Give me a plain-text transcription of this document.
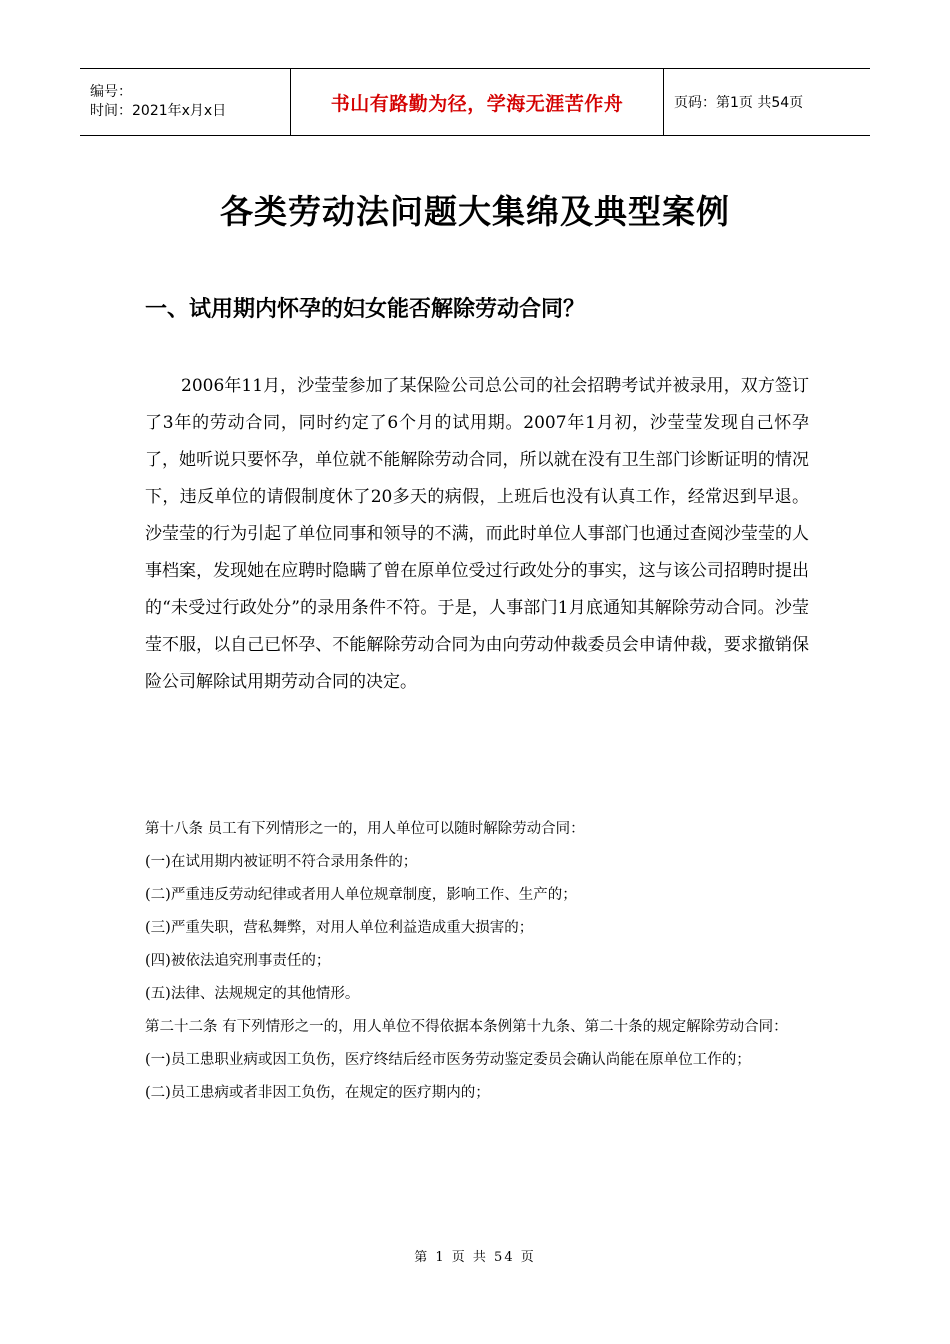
编号：
时间：2021年x月x日	书山有路勤为径，学海无涯苦作舟	页码：第1页 共54页
各类劳动法问题大集绵及典型案例
一、试用期内怀孕的妇女能否解除劳动合同？

2006年11月，沙莹莹参加了某保险公司总公司的社会招聘考试并被录用，双方签订了3年的劳动合同，同时约定了6个月的试用期。2007年1月初，沙莹莹发现自己怀孕了，她听说只要怀孕，单位就不能解除劳动合同，所以就在没有卫生部门诊断证明的情况下，违反单位的请假制度休了20多天的病假，上班后也没有认真工作，经常迟到早退。沙莹莹的行为引起了单位同事和领导的不满，而此时单位人事部门也通过查阅沙莹莹的人事档案，发现她在应聘时隐瞒了曾在原单位受过行政处分的事实，这与该公司招聘时提出的“未受过行政处分”的录用条件不符。于是，人事部门1月底通知其解除劳动合同。沙莹莹不服，以自己已怀孕、不能解除劳动合同为由向劳动仲裁委员会申请仲裁，要求撤销保险公司解除试用期劳动合同的决定。

第十八条 员工有下列情形之一的，用人单位可以随时解除劳动合同：

(一)在试用期内被证明不符合录用条件的；

(二)严重违反劳动纪律或者用人单位规章制度，影响工作、生产的；

(三)严重失职，营私舞弊，对用人单位利益造成重大损害的；

(四)被依法追究刑事责任的；

(五)法律、法规规定的其他情形。

第二十二条 有下列情形之一的，用人单位不得依据本条例第十九条、第二十条的规定解除劳动合同：

(一)员工患职业病或因工负伤，医疗终结后经市医务劳动鉴定委员会确认尚能在原单位工作的；

(二)员工患病或者非因工负伤，在规定的医疗期内的；

第 1 页 共 54 页
